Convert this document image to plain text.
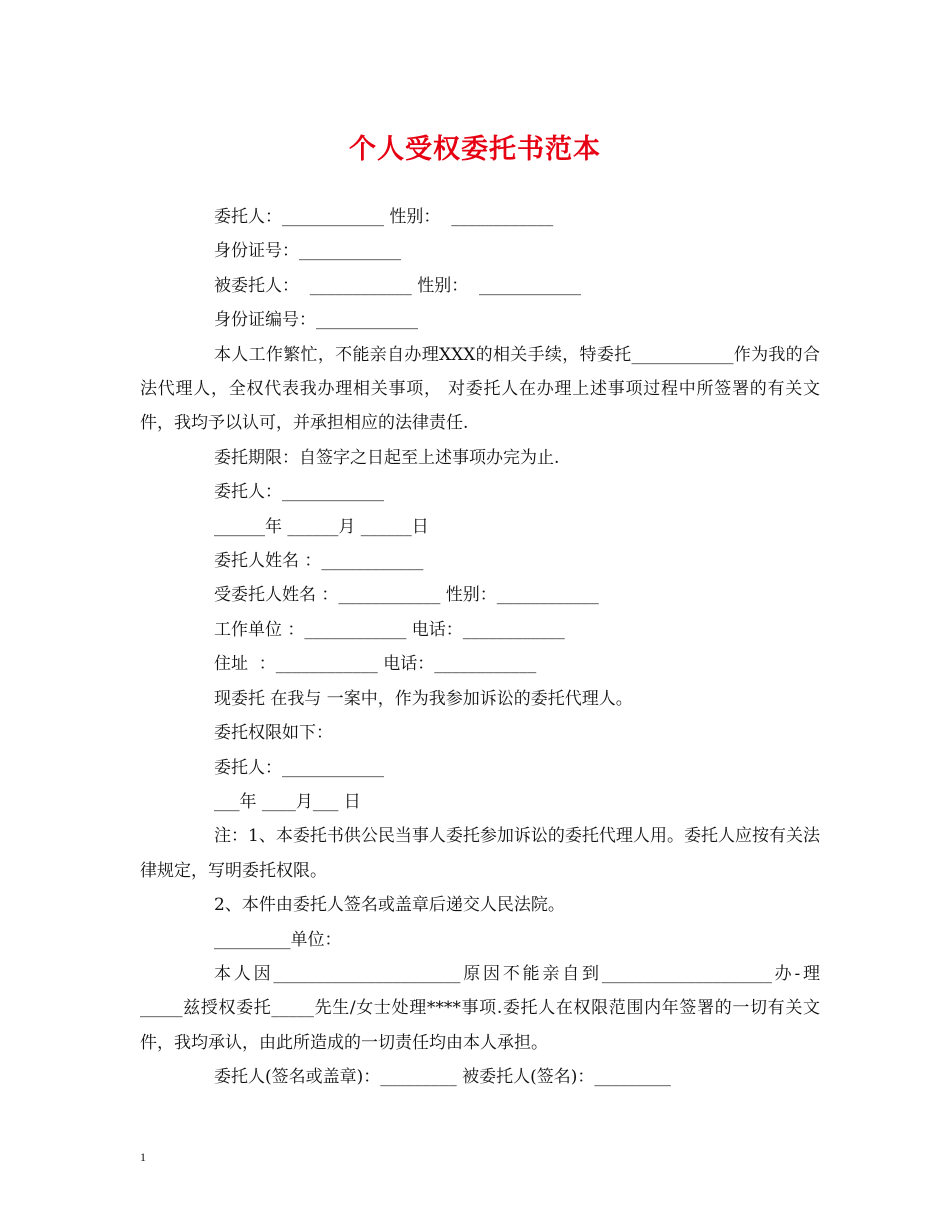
个人受权委托书范本
委托人：____________ 性别：  ____________
身份证号：____________
被委托人：  ____________ 性别：  ____________
身份证编号：____________

本人工作繁忙，不能亲自办理XXX的相关手续，特委托____________作为我的合法代理人，全权代表我办理相关事项， 对委托人在办理上述事项过程中所签署的有关文件，我均予以认可，并承担相应的法律责任.

委托期限：自签字之日起至上述事项办完为止.
委托人：____________
______年 ______月 ______日
委托人姓名 ：____________
受委托人姓名 ：____________ 性别：____________
工作单位 ：____________ 电话：____________
住址  ：____________ 电话：____________
现委托 在我与 一案中，作为我参加诉讼的委托代理人。
委托权限如下：
委托人：____________
___年 ____月___ 日

注：1、本委托书供公民当事人委托参加诉讼的委托代理人用。委托人应按有关法律规定，写明委托权限。

2、本件由委托人签名或盖章后递交人民法院。
_________单位：

本人因______________________原因不能亲自到____________________办-理_____兹授权委托_____先生/女士处理****事项.委托人在权限范围内年签署的一切有关文件，我均承认，由此所造成的一切责任均由本人承担。

委托人(签名或盖章)：_________ 被委托人(签名)：_________
1
